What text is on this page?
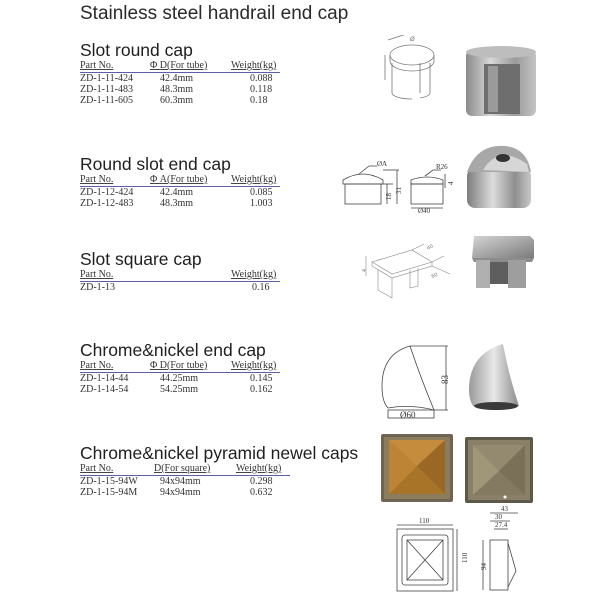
Stainless steel handrail end cap
Slot round cap
Part No.	Φ D(For tube) Weight(kg)
ZD-1-11-424	42.4mm	0.088
ZD-1-11-483	48.3mm	0.118
ZD-1-11-605	60.3mm	0.18
Ø
Round slot end cap
Part No.	Φ A(For tube) Weight(kg)
ZD-1-12-424	42.4mm	0.085
ZD-1-12-483	48.3mm	1.003
ØA
18
31
R26
4
Ø40
Slot square cap
Part No.	Weight(kg)
ZD-1-13	0.16
40
60
4
Chrome&nickel end cap
Part No.	Φ D(For tube) Weight(kg)
ZD-1-14-44	44.25mm	0.145
ZD-1-14-54	54.25mm	0.162
83
Ø60
Chrome&nickel pyramid newel caps
Part No.	D(For square)	Weight(kg)
ZD-1-15-94W 94x94mm	0.298
ZD-1-15-94M 94x94mm	0.632
110
110
43
30
27.4
94
